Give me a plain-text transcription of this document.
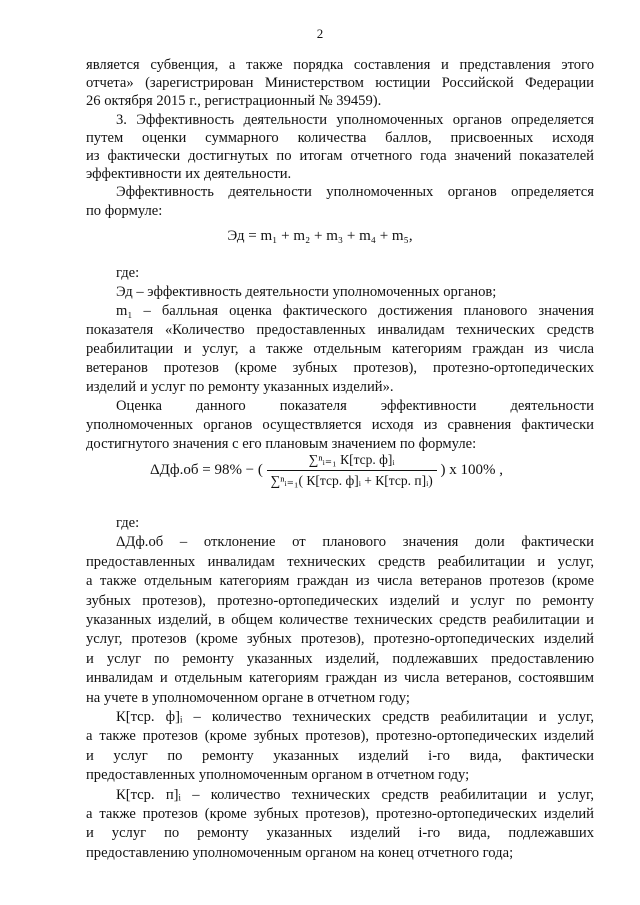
2
является субвенция, а также порядка составления и представления этого
отчета» (зарегистрирован Министерством юстиции Российской Федерации
26 октября 2015 г., регистрационный № 39459).
3. Эффективность деятельности уполномоченных органов определяется
путем оценки суммарного количества баллов, присвоенных исходя
из фактически достигнутых по итогам отчетного года значений показателей
эффективности их деятельности.
Эффективность деятельности уполномоченных органов определяется
по формуле:
где:
Эд – эффективность деятельности уполномоченных органов;
m₁ – балльная оценка фактического достижения планового значения
показателя «Количество предоставленных инвалидам технических средств
реабилитации и услуг, а также отдельным категориям граждан из числа
ветеранов протезов (кроме зубных протезов), протезно-ортопедических
изделий и услуг по ремонту указанных изделий».
Оценка данного показателя эффективности деятельности
уполномоченных органов осуществляется исходя из сравнения фактически
достигнутого значения с его плановым значением по формуле:
где:
ΔДф.об – отклонение от планового значения доли фактически
предоставленных инвалидам технических средств реабилитации и услуг,
а также отдельным категориям граждан из числа ветеранов протезов (кроме
зубных протезов), протезно-ортопедических изделий и услуг по ремонту
указанных изделий, в общем количестве технических средств реабилитации и
услуг, протезов (кроме зубных протезов), протезно-ортопедических изделий
и услуг по ремонту указанных изделий, подлежавших предоставлению
инвалидам и отдельным категориям граждан из числа ветеранов, состоявшим
на учете в уполномоченном органе в отчетном году;
К[тср. ф]ᵢ – количество технических средств реабилитации и услуг,
а также протезов (кроме зубных протезов), протезно-ортопедических изделий
и услуг по ремонту указанных изделий i-го вида, фактически
предоставленных уполномоченным органом в отчетном году;
К[тср. п]ᵢ – количество технических средств реабилитации и услуг,
а также протезов (кроме зубных протезов), протезно-ортопедических изделий
и услуг по ремонту указанных изделий i-го вида, подлежавших
предоставлению уполномоченным органом на конец отчетного года;
Эд = m₁ + m₂ + m₃ + m₄ + m₅,
ΔДф.об = 98% − ( $\frac{\text{∑ⁿᵢ₌₁ К[тср. ф]ᵢ}}{\text{∑ⁿᵢ₌₁( К[тср. ф]ᵢ + К[тср. п]ᵢ)}}$ ) x 100% ,
